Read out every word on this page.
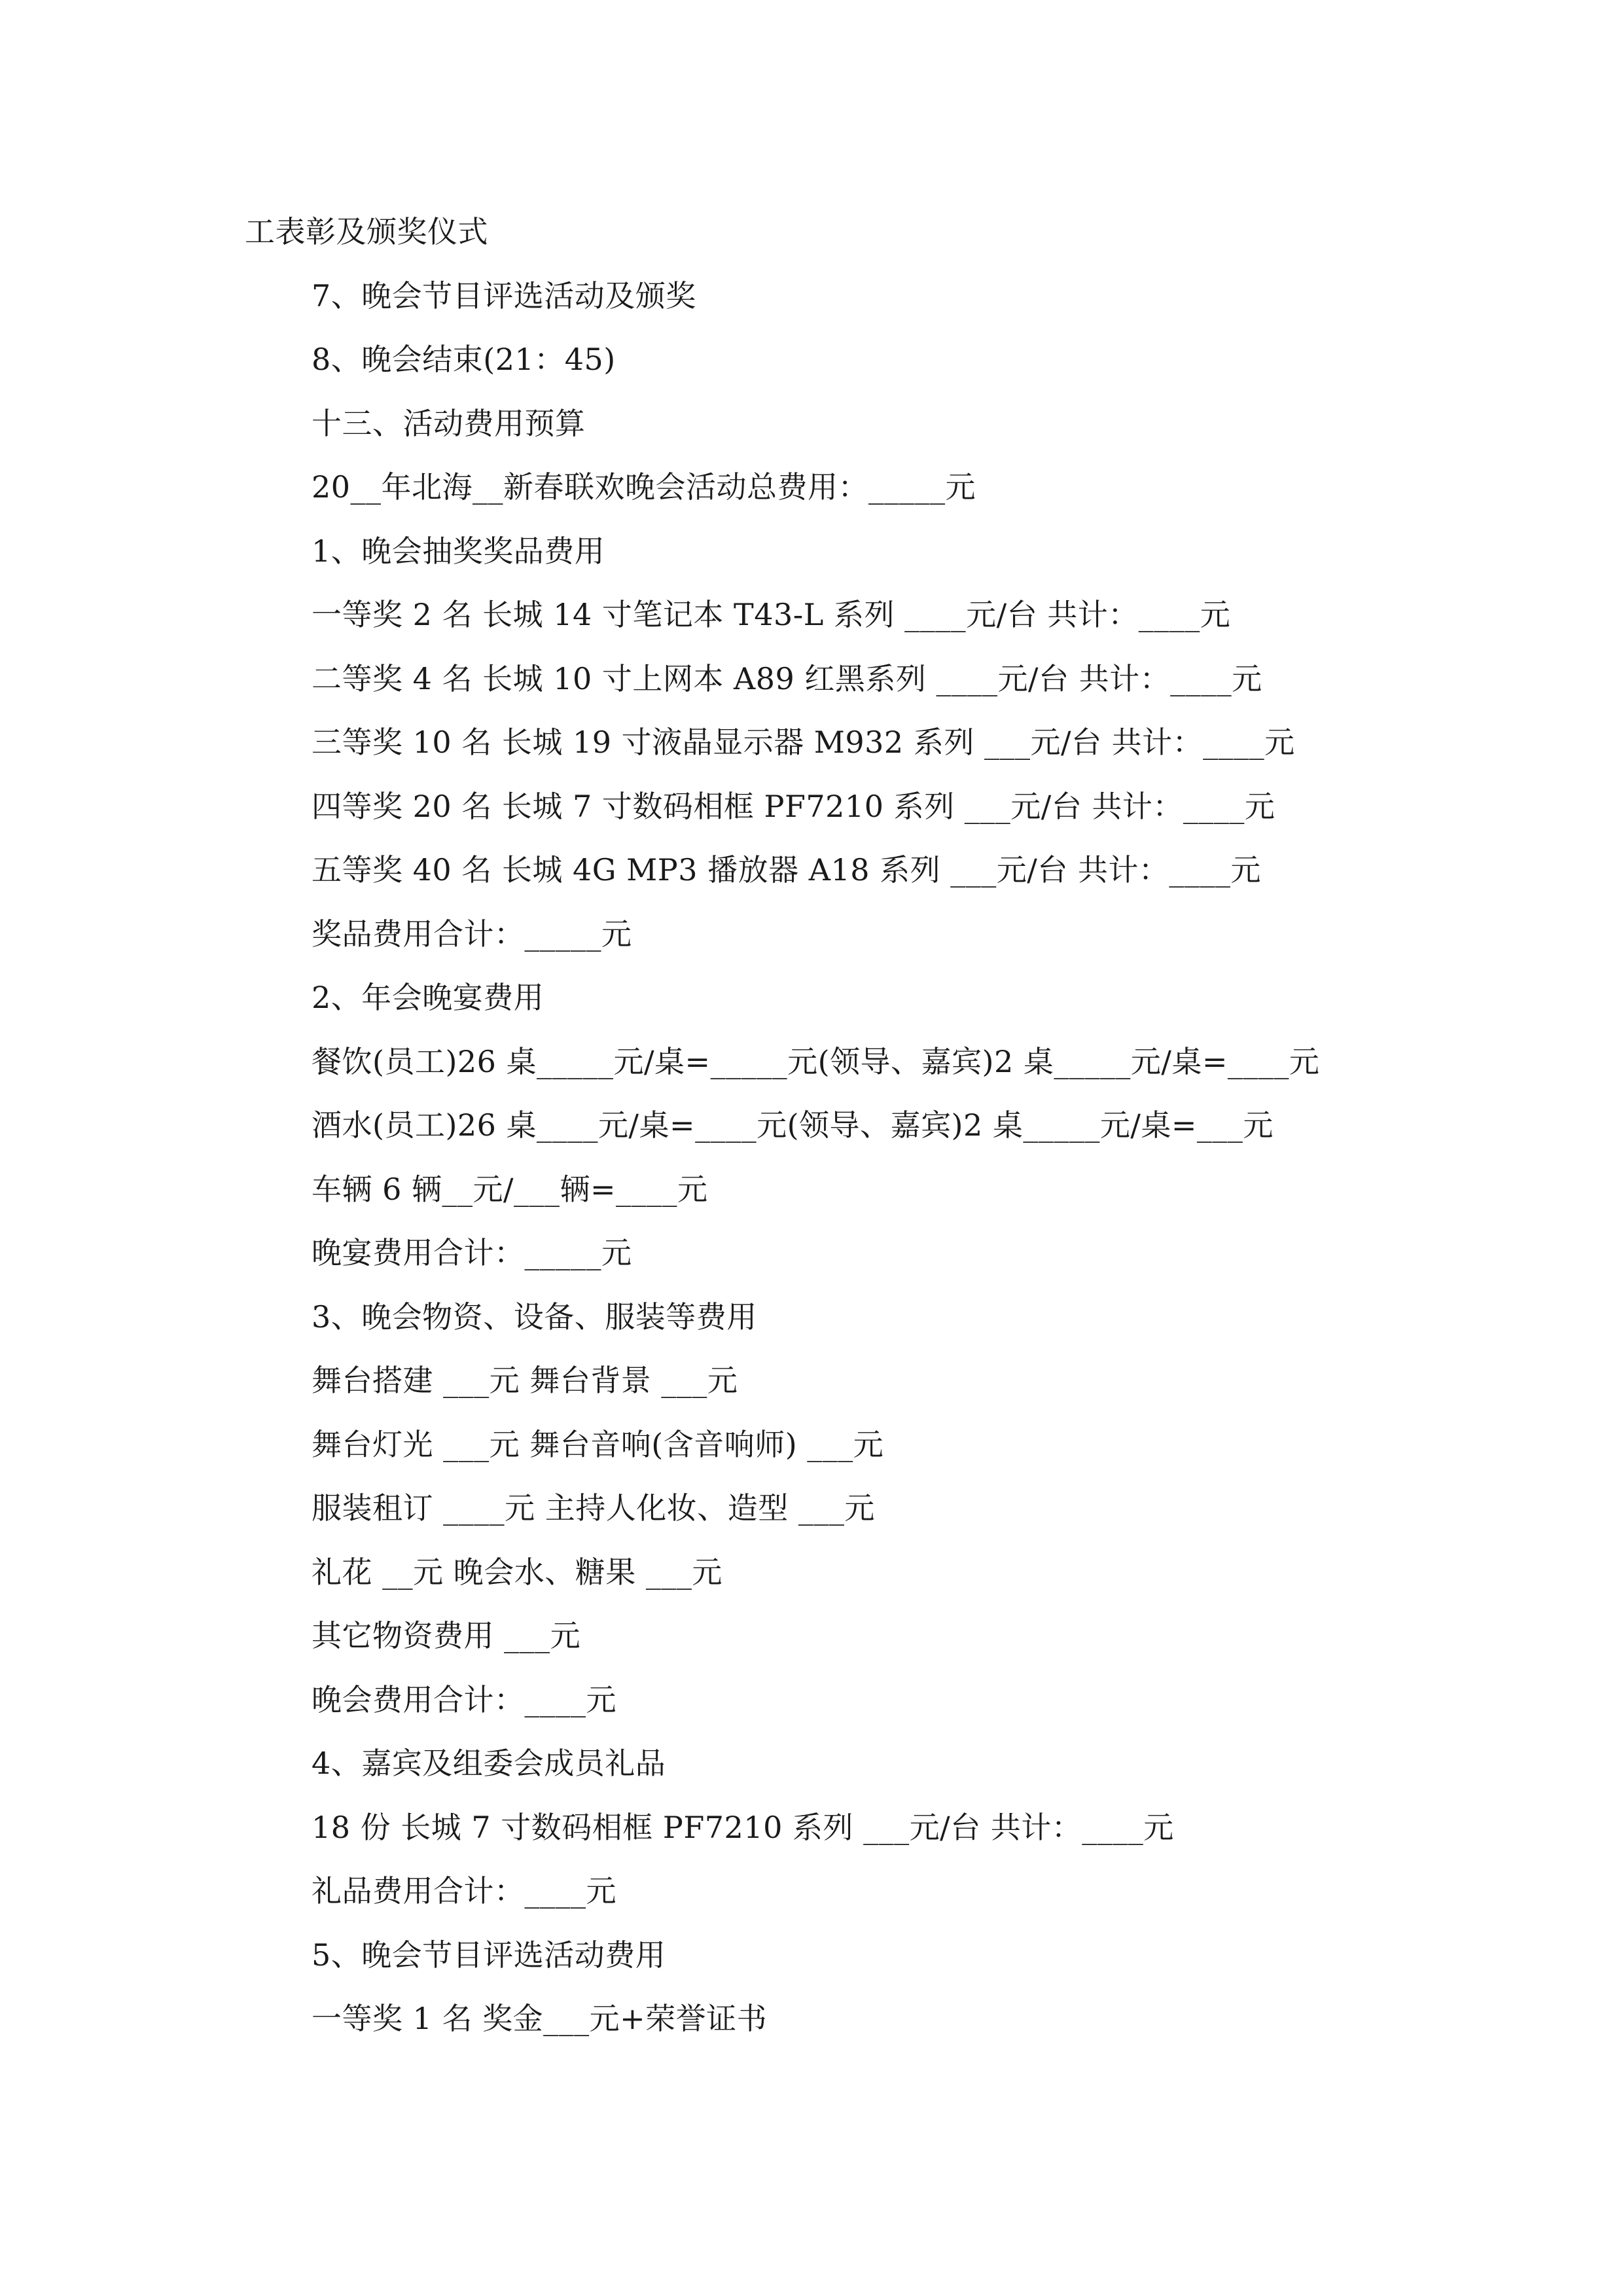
工表彰及颁奖仪式
7、晚会节目评选活动及颁奖
8、晚会结束(21：45)
十三、活动费用预算
20__年北海__新春联欢晚会活动总费用：_____元
1、晚会抽奖奖品费用
一等奖 2 名 长城 14 寸笔记本 T43-L 系列 ____元/台 共计：____元
二等奖 4 名 长城 10 寸上网本 A89 红黑系列 ____元/台 共计：____元
三等奖 10 名 长城 19 寸液晶显示器 M932 系列 ___元/台 共计：____元
四等奖 20 名 长城 7 寸数码相框 PF7210 系列 ___元/台 共计：____元
五等奖 40 名 长城 4G MP3 播放器 A18 系列 ___元/台 共计：____元
奖品费用合计：_____元
2、年会晚宴费用
餐饮(员工)26 桌_____元/桌=_____元(领导、嘉宾)2 桌_____元/桌=____元
酒水(员工)26 桌____元/桌=____元(领导、嘉宾)2 桌_____元/桌=___元
车辆 6 辆__元/___辆=____元
晚宴费用合计：_____元
3、晚会物资、设备、服装等费用
舞台搭建 ___元 舞台背景 ___元
舞台灯光 ___元 舞台音响(含音响师) ___元
服装租订 ____元 主持人化妆、造型 ___元
礼花 __元 晚会水、糖果 ___元
其它物资费用 ___元
晚会费用合计：____元
4、嘉宾及组委会成员礼品
18 份 长城 7 寸数码相框 PF7210 系列 ___元/台 共计：____元
礼品费用合计：____元
5、晚会节目评选活动费用
一等奖 1 名 奖金___元+荣誉证书
